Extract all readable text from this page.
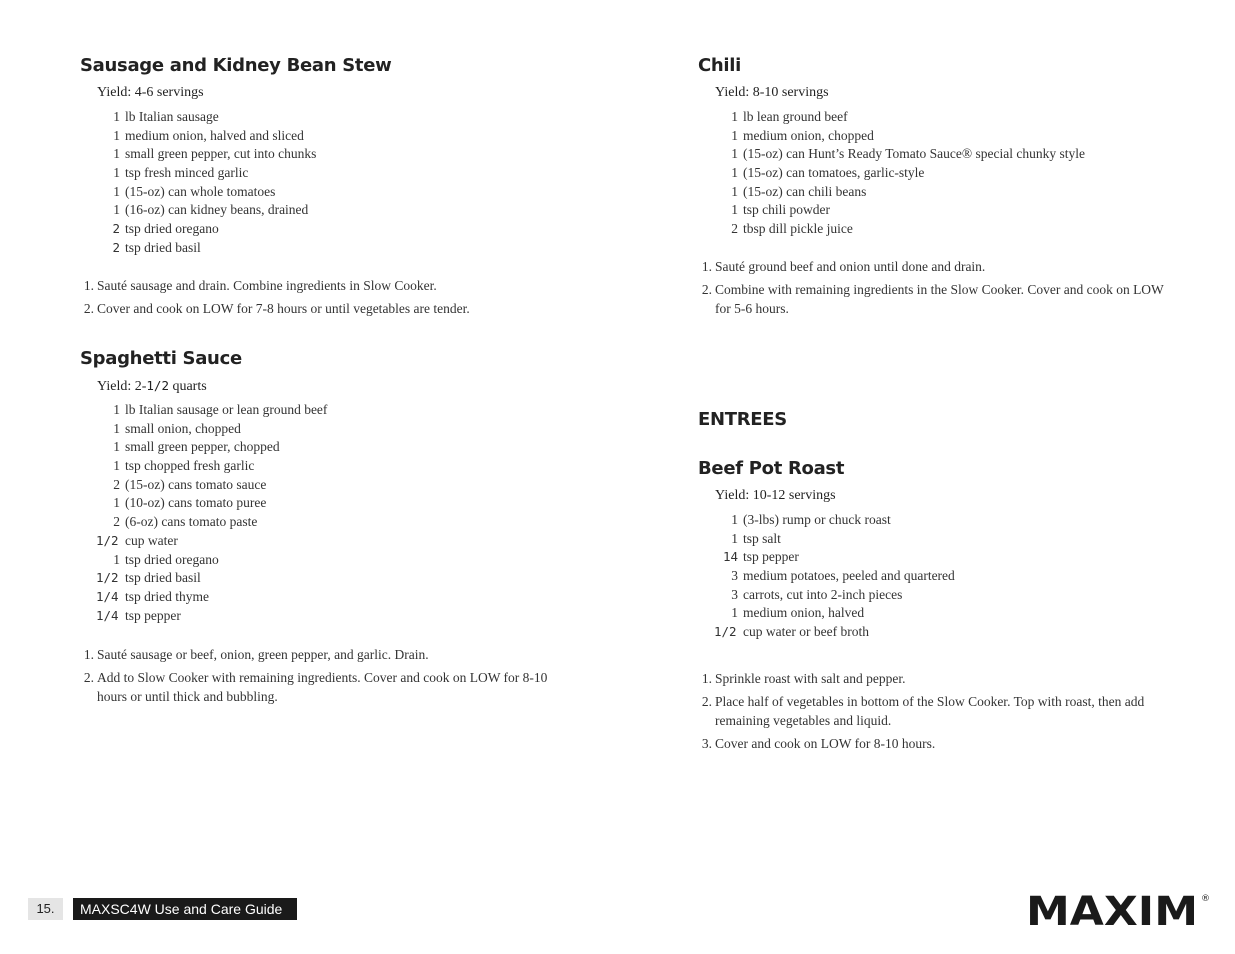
Sausage and Kidney Bean Stew
Yield: 4-6 servings
1 lb Italian sausage
1 medium onion, halved and sliced
1 small green pepper, cut into chunks
1 tsp fresh minced garlic
1 (15-oz) can whole tomatoes
1 (16-oz) can kidney beans, drained
2 tsp dried oregano
2 tsp dried basil
1. Sauté sausage and drain. Combine ingredients in Slow Cooker.
2. Cover and cook on LOW for 7-8 hours or until vegetables are tender.
Spaghetti Sauce
Yield: 2-1/2 quarts
1 lb Italian sausage or lean ground beef
1 small onion, chopped
1 small green pepper, chopped
1 tsp chopped fresh garlic
2 (15-oz) cans tomato sauce
1 (10-oz) cans tomato puree
2 (6-oz) cans tomato paste
1/2 cup water
1 tsp dried oregano
1/2 tsp dried basil
1/4 tsp dried thyme
1/4 tsp pepper
1. Sauté sausage or beef, onion, green pepper, and garlic. Drain.
2. Add to Slow Cooker with remaining ingredients. Cover and cook on LOW for 8-10 hours or until thick and bubbling.
Chili
Yield: 8-10 servings
1 lb lean ground beef
1 medium onion, chopped
1 (15-oz) can Hunt’s Ready Tomato Sauce® special chunky style
1 (15-oz) can tomatoes, garlic-style
1 (15-oz) can chili beans
1 tsp chili powder
2 tbsp dill pickle juice
1. Sauté ground beef and onion until done and drain.
2. Combine with remaining ingredients in the Slow Cooker. Cover and cook on LOW for 5-6 hours.
ENTREES
Beef Pot Roast
Yield: 10-12 servings
1 (3-lbs) rump or chuck roast
1 tsp salt
14 tsp pepper
3 medium potatoes, peeled and quartered
3 carrots, cut into 2-inch pieces
1 medium onion, halved
1/2 cup water or beef broth
1. Sprinkle roast with salt and pepper.
2. Place half of vegetables in bottom of the Slow Cooker. Top with roast, then add remaining vegetables and liquid.
3. Cover and cook on LOW for 8-10 hours.
15.	MAXSC4W Use and Care Guide	MAXIM ®
